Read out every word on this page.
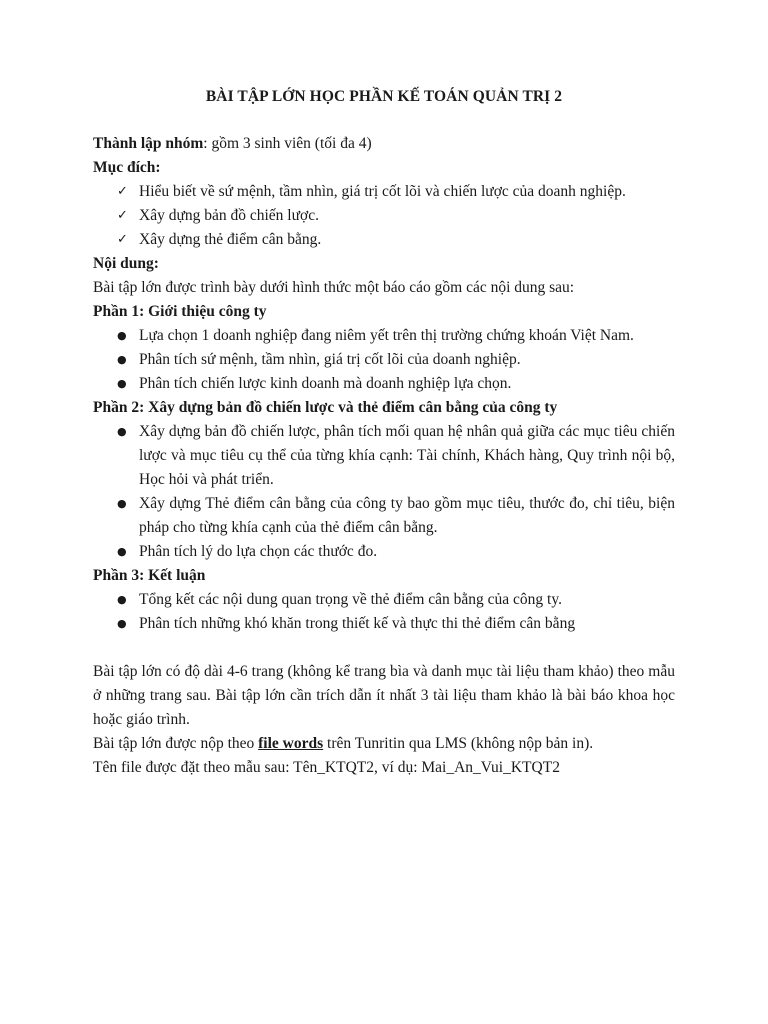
BÀI TẬP LỚN HỌC PHẦN KẾ TOÁN QUẢN TRỊ 2

Thành lập nhóm: gồm 3 sinh viên (tối đa 4)

Mục đích:

✓ Hiểu biết về sứ mệnh, tầm nhìn, giá trị cốt lõi và chiến lược của doanh nghiệp.
✓ Xây dựng bản đồ chiến lược.
✓ Xây dựng thẻ điểm cân bằng.

Nội dung:

Bài tập lớn được trình bày dưới hình thức một báo cáo gồm các nội dung sau:

Phần 1: Giới thiệu công ty

● Lựa chọn 1 doanh nghiệp đang niêm yết trên thị trường chứng khoán Việt Nam.
● Phân tích sứ mệnh, tầm nhìn, giá trị cốt lõi của doanh nghiệp.
● Phân tích chiến lược kinh doanh mà doanh nghiệp lựa chọn.

Phần 2: Xây dựng bản đồ chiến lược và thẻ điểm cân bằng của công ty

● Xây dựng bản đồ chiến lược, phân tích mối quan hệ nhân quả giữa các mục tiêu chiến lược và mục tiêu cụ thể của từng khía cạnh: Tài chính, Khách hàng, Quy trình nội bộ, Học hỏi và phát triển.
● Xây dựng Thẻ điểm cân bằng của công ty bao gồm mục tiêu, thước đo, chỉ tiêu, biện pháp cho từng khía cạnh của thẻ điểm cân bằng.
● Phân tích lý do lựa chọn các thước đo.

Phần 3: Kết luận

● Tổng kết các nội dung quan trọng về thẻ điểm cân bằng của công ty.
● Phân tích những khó khăn trong thiết kế và thực thi thẻ điểm cân bằng

Bài tập lớn có độ dài 4-6 trang (không kể trang bìa và danh mục tài liệu tham khảo) theo mẫu ở những trang sau. Bài tập lớn cần trích dẫn ít nhất 3 tài liệu tham khảo là bài báo khoa học hoặc giáo trình.

Bài tập lớn được nộp theo file words trên Tunritin qua LMS (không nộp bản in).

Tên file được đặt theo mẫu sau: Tên_KTQT2, ví dụ: Mai_An_Vui_KTQT2
